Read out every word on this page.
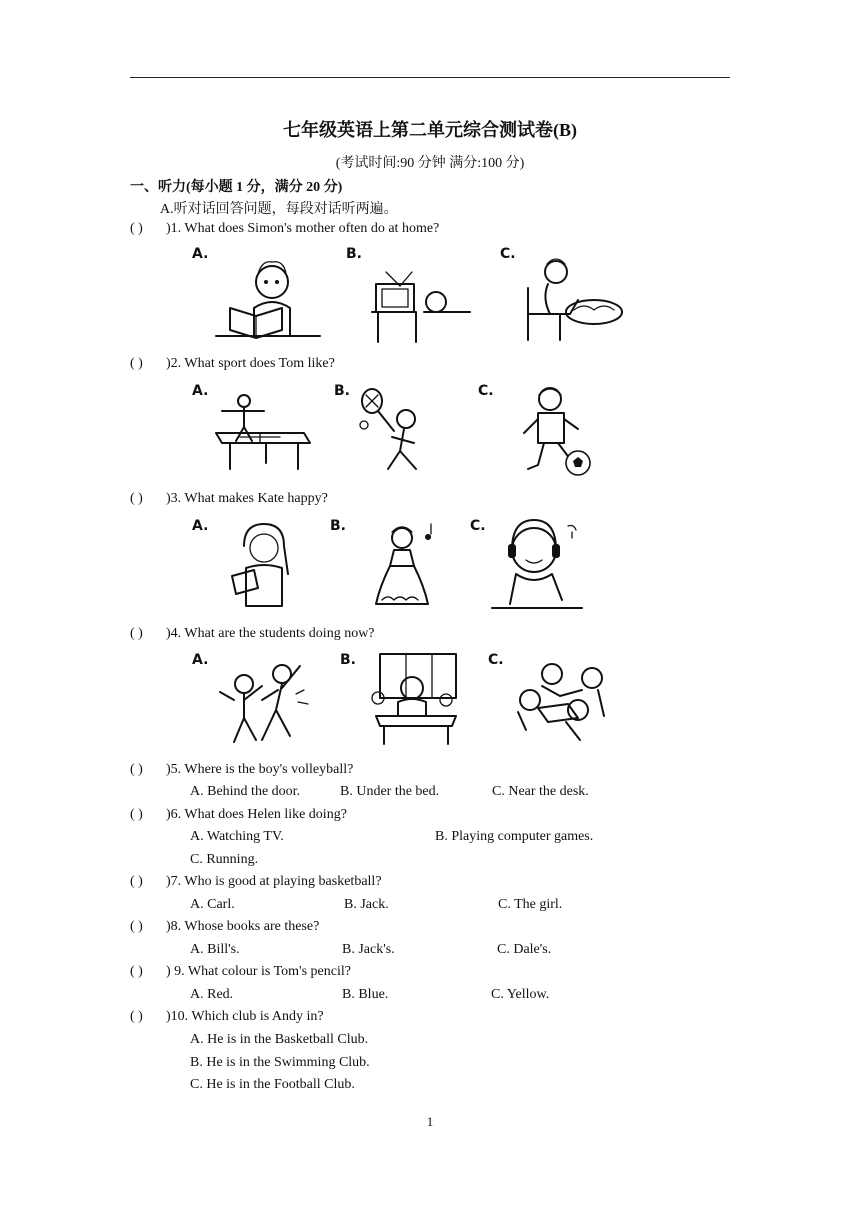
七年级英语上第二单元综合测试卷(B)
(考试时间:90 分钟 满分:100 分)
一、听力(每小题 1 分，满分 20 分)
A.听对话回答问题，每段对话听两遍。
( ) )1. What does Simon's mother often do at home?
A.	B.	C.
( ) )2. What sport does Tom like?
A.	B.	C.
( ) )3. What makes Kate happy?
A.	B.	C.
( ) )4. What are the students doing now?
A.	B.	C.
( ) )5. Where is the boy's volleyball?
A. Behind the door.	B. Under the bed.	C. Near the desk.
( ) )6. What does Helen like doing?
A. Watching TV.	B. Playing computer games.
C. Running.
( ) )7. Who is good at playing basketball?
A. Carl.	B. Jack.	C. The girl.
( ) )8. Whose books are these?
A. Bill's.	B. Jack's.	C. Dale's.
( ) ) 9. What colour is Tom's pencil?
A. Red.	B. Blue.	C. Yellow.
( ) )10. Which club is Andy in?
A. He is in the Basketball Club.
B. He is in the Swimming Club.
C. He is in the Football Club.
1
